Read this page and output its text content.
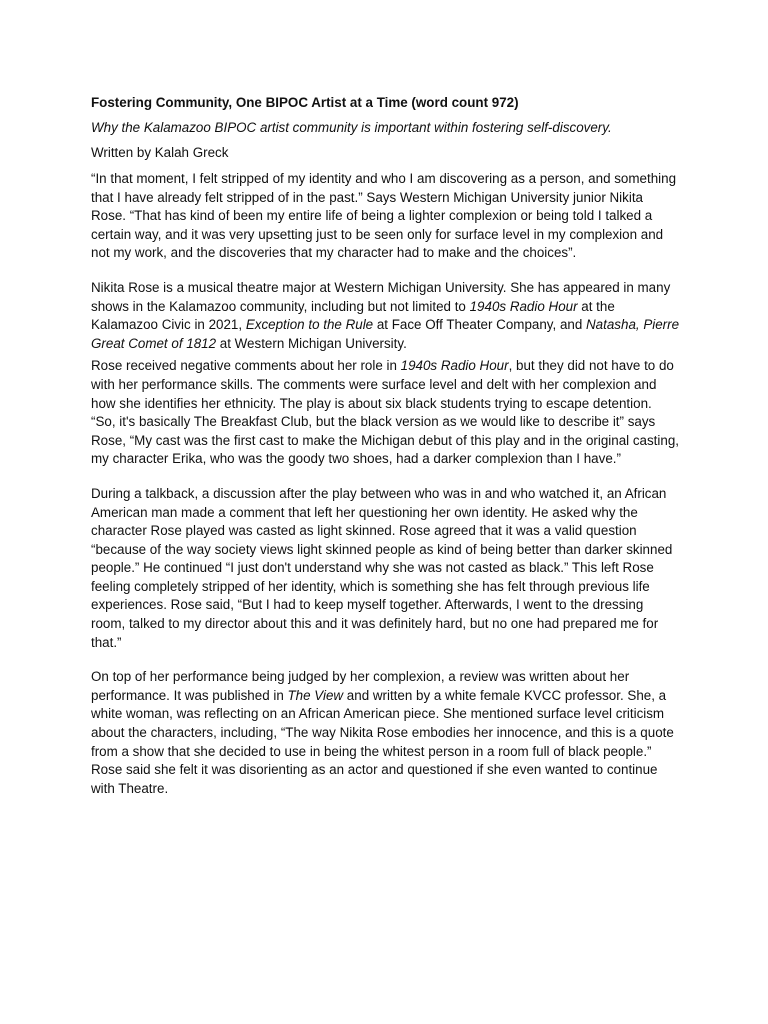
Fostering Community, One BIPOC Artist at a Time (word count 972)
Why the Kalamazoo BIPOC artist community is important within fostering self-discovery.
Written by Kalah Greck

“In that moment, I felt stripped of my identity and who I am discovering as a person, and something that I have already felt stripped of in the past.” Says Western Michigan University junior Nikita Rose. “That has kind of been my entire life of being a lighter complexion or being told I talked a certain way, and it was very upsetting just to be seen only for surface level in my complexion and not my work, and the discoveries that my character had to make and the choices”.

Nikita Rose is a musical theatre major at Western Michigan University. She has appeared in many shows in the Kalamazoo community, including but not limited to 1940s Radio Hour at the Kalamazoo Civic in 2021, Exception to the Rule at Face Off Theater Company, and Natasha, Pierre Great Comet of 1812 at Western Michigan University.

Rose received negative comments about her role in 1940s Radio Hour, but they did not have to do with her performance skills. The comments were surface level and delt with her complexion and how she identifies her ethnicity. The play is about six black students trying to escape detention. “So, it's basically The Breakfast Club, but the black version as we would like to describe it” says Rose, “My cast was the first cast to make the Michigan debut of this play and in the original casting, my character Erika, who was the goody two shoes, had a darker complexion than I have.”

During a talkback, a discussion after the play between who was in and who watched it, an African American man made a comment that left her questioning her own identity. He asked why the character Rose played was casted as light skinned. Rose agreed that it was a valid question “because of the way society views light skinned people as kind of being better than darker skinned people.” He continued “I just don't understand why she was not casted as black.” This left Rose feeling completely stripped of her identity, which is something she has felt through previous life experiences. Rose said, “But I had to keep myself together. Afterwards, I went to the dressing room, talked to my director about this and it was definitely hard, but no one had prepared me for that.”

On top of her performance being judged by her complexion, a review was written about her performance. It was published in The View and written by a white female KVCC professor. She, a white woman, was reflecting on an African American piece. She mentioned surface level criticism about the characters, including, “The way Nikita Rose embodies her innocence, and this is a quote from a show that she decided to use in being the whitest person in a room full of black people.” Rose said she felt it was disorienting as an actor and questioned if she even wanted to continue with Theatre.
